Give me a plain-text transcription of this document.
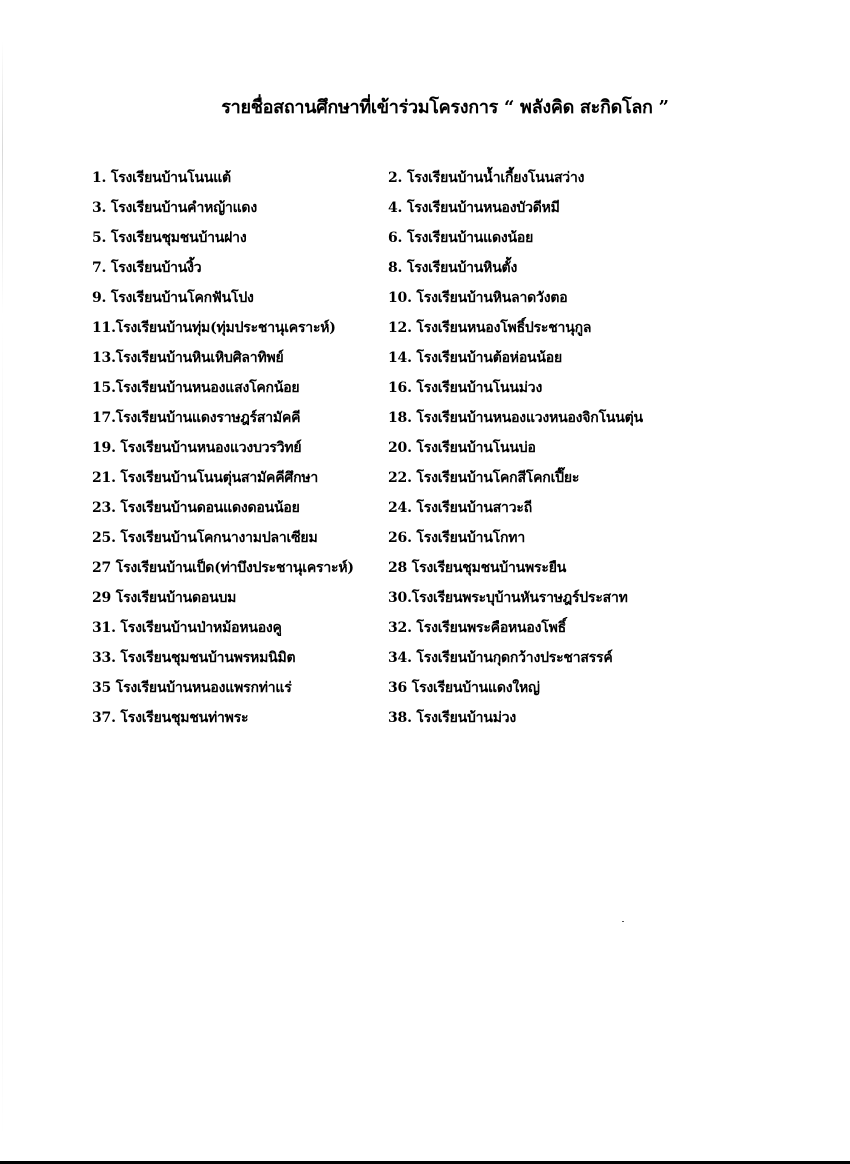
รายชื่อสถานศึกษาที่เข้าร่วมโครงการ “ พลังคิด สะกิดโลก ”
1. โรงเรียนบ้านโนนแต้	2. โรงเรียนบ้านน้ำเกี้ยงโนนสว่าง
3. โรงเรียนบ้านคำหญ้าแดง	4. โรงเรียนบ้านหนองบัวดีหมี
5. โรงเรียนชุมชนบ้านฝาง	6. โรงเรียนบ้านแดงน้อย
7. โรงเรียนบ้านงิ้ว	8. โรงเรียนบ้านหินตั้ง
9. โรงเรียนบ้านโคกฟันโปง	10. โรงเรียนบ้านหินลาดวังตอ
11.โรงเรียนบ้านทุ่ม(ทุ่มประชานุเคราะห์)	12. โรงเรียนหนองโพธิ์ประชานุกูล
13.โรงเรียนบ้านหินเหิบศิลาทิพย์	14. โรงเรียนบ้านต้อห่อนน้อย
15.โรงเรียนบ้านหนองแสงโคกน้อย	16. โรงเรียนบ้านโนนม่วง
17.โรงเรียนบ้านแดงราษฎร์สามัคคี	18. โรงเรียนบ้านหนองแวงหนองจิกโนนตุ่น
19. โรงเรียนบ้านหนองแวงบวรวิทย์	20. โรงเรียนบ้านโนนบ่อ
21. โรงเรียนบ้านโนนตุ่นสามัคคีศึกษา	22. โรงเรียนบ้านโคกสีโคกเปี๊ยะ
23. โรงเรียนบ้านดอนแดงดอนน้อย	24. โรงเรียนบ้านสาวะถี
25. โรงเรียนบ้านโคกนางามปลาเซียม	26. โรงเรียนบ้านโกทา
27 โรงเรียนบ้านเป็ด(ท่าบึงประชานุเคราะห์) 28 โรงเรียนชุมชนบ้านพระยืน
29 โรงเรียนบ้านดอนบม	30.โรงเรียนพระบุบ้านหันราษฎร์ประสาท
31. โรงเรียนบ้านป่าหม้อหนองคู	32. โรงเรียนพระคือหนองโพธิ์
33. โรงเรียนชุมชนบ้านพรหมนิมิต	34. โรงเรียนบ้านกุดกว้างประชาสรรค์
35 โรงเรียนบ้านหนองแพรกท่าแร่	36 โรงเรียนบ้านแดงใหญ่
37. โรงเรียนชุมชนท่าพระ	38. โรงเรียนบ้านม่วง
